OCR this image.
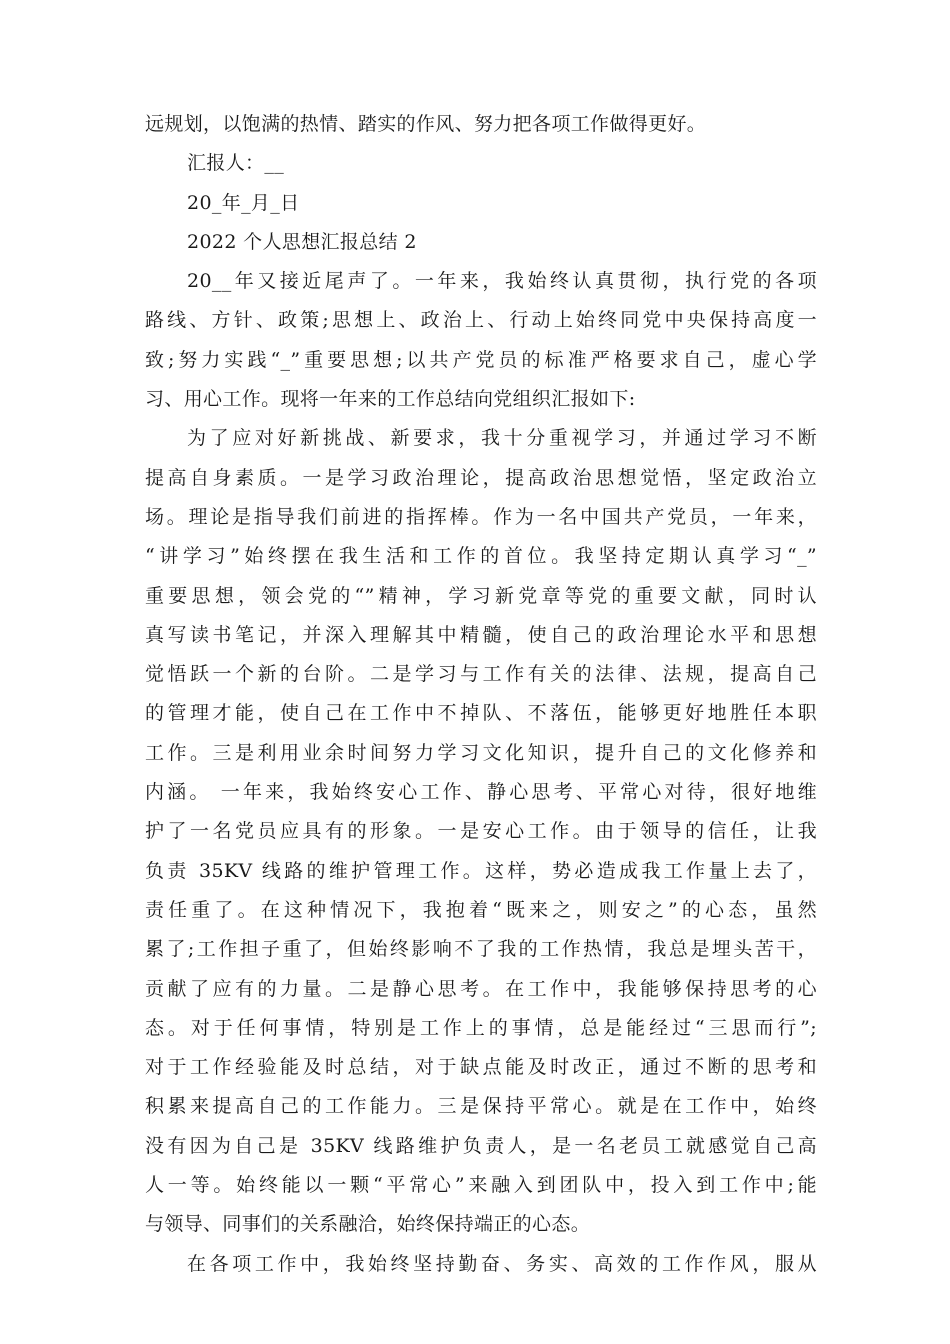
远规划，以饱满的热情、踏实的作风、努力把各项工作做得更好。
汇报人：__
20_年_月_日
2022 个人思想汇报总结 2
20__年又接近尾声了。一年来，我始终认真贯彻，执行党的各项
路线、方针、政策;思想上、政治上、行动上始终同党中央保持高度一
致;努力实践“_”重要思想;以共产党员的标准严格要求自己，虚心学
习、用心工作。现将一年来的工作总结向党组织汇报如下:
为了应对好新挑战、新要求，我十分重视学习，并通过学习不断
提高自身素质。一是学习政治理论，提高政治思想觉悟，坚定政治立
场。理论是指导我们前进的指挥棒。作为一名中国共产党员，一年来，
“讲学习”始终摆在我生活和工作的首位。我坚持定期认真学习“_”
重要思想，领会党的“”精神，学习新党章等党的重要文献，同时认
真写读书笔记，并深入理解其中精髓，使自己的政治理论水平和思想
觉悟跃一个新的台阶。二是学习与工作有关的法律、法规，提高自己
的管理才能，使自己在工作中不掉队、不落伍，能够更好地胜任本职
工作。三是利用业余时间努力学习文化知识，提升自己的文化修养和
内涵。 一年来，我始终安心工作、静心思考、平常心对待，很好地维
护了一名党员应具有的形象。一是安心工作。由于领导的信任，让我
负责 35KV 线路的维护管理工作。这样，势必造成我工作量上去了，
责任重了。在这种情况下，我抱着“既来之，则安之”的心态，虽然
累了;工作担子重了，但始终影响不了我的工作热情，我总是埋头苦干，
贡献了应有的力量。二是静心思考。在工作中，我能够保持思考的心
态。对于任何事情，特别是工作上的事情，总是能经过“三思而行”;
对于工作经验能及时总结，对于缺点能及时改正，通过不断的思考和
积累来提高自己的工作能力。三是保持平常心。就是在工作中，始终
没有因为自己是 35KV 线路维护负责人，是一名老员工就感觉自己高
人一等。始终能以一颗“平常心”来融入到团队中，投入到工作中;能
与领导、同事们的关系融洽，始终保持端正的心态。
在各项工作中，我始终坚持勤奋、务实、高效的工作作风，服从
